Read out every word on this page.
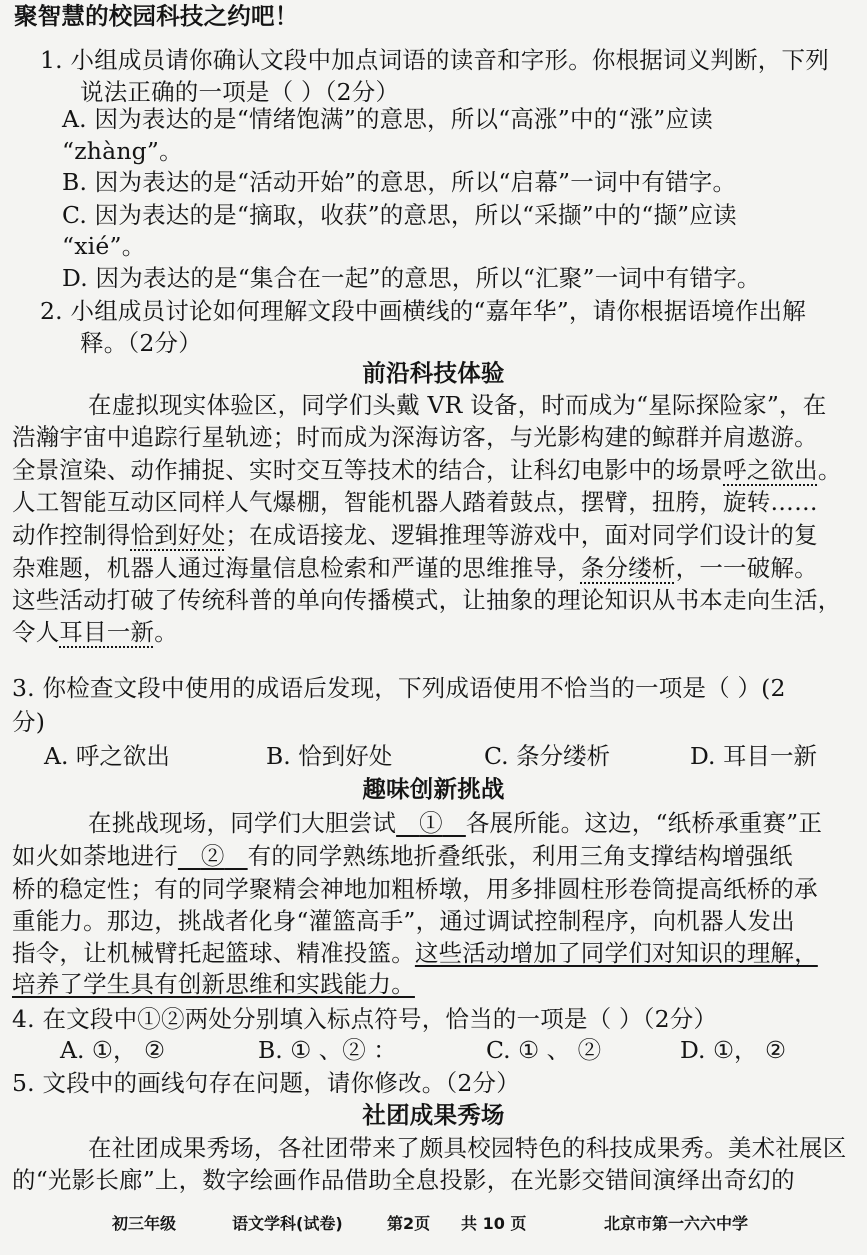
聚智慧的校园科技之约吧！
1. 小组成员请你确认文段中加点词语的读音和字形。你根据词义判断，下列
说法正确的一项是（ ）（2分）
A. 因为表达的是“情绪饱满”的意思，所以“高涨”中的“涨”应读
“zhàng”。
B. 因为表达的是“活动开始”的意思，所以“启幕”一词中有错字。
C. 因为表达的是“摘取，收获”的意思，所以“采撷”中的“撷”应读
“xié”。
D. 因为表达的是“集合在一起”的意思，所以“汇聚”一词中有错字。
2. 小组成员讨论如何理解文段中画横线的“嘉年华”，请你根据语境作出解
释。（2分）
前沿科技体验
在虚拟现实体验区，同学们头戴 VR 设备，时而成为“星际探险家”，在
浩瀚宇宙中追踪行星轨迹；时而成为深海访客，与光影构建的鲸群并肩遨游。
全景渲染、动作捕捉、实时交互等技术的结合，让科幻电影中的场景呼之欲出。
人工智能互动区同样人气爆棚，智能机器人踏着鼓点，摆臂，扭胯，旋转……
动作控制得恰到好处；在成语接龙、逻辑推理等游戏中，面对同学们设计的复
杂难题，机器人通过海量信息检索和严谨的思维推导，条分缕析，一一破解。
这些活动打破了传统科普的单向传播模式，让抽象的理论知识从书本走向生活，
令人耳目一新。
3. 你检查文段中使用的成语后发现，下列成语使用不恰当的一项是（ ）(2
分)
A. 呼之欲出	B. 恰到好处	C. 条分缕析	D. 耳目一新
趣味创新挑战
在挑战现场，同学们大胆尝试 ① 各展所能。这边，“纸桥承重赛”正
如火如荼地进行 ② 有的同学熟练地折叠纸张，利用三角支撑结构增强纸
桥的稳定性；有的同学聚精会神地加粗桥墩，用多排圆柱形卷筒提高纸桥的承
重能力。那边，挑战者化身“灌篮高手”，通过调试控制程序，向机器人发出
指令，让机械臂托起篮球、精准投篮。这些活动增加了同学们对知识的理解，
培养了学生具有创新思维和实践能力。
4. 在文段中①②两处分别填入标点符号，恰当的一项是（ ）（2分）
A. ①， ②	B. ① 、② ：	C. ① 、 ②	D. ①， ②
5. 文段中的画线句存在问题，请你修改。（2分）
社团成果秀场
在社团成果秀场，各社团带来了颇具校园特色的科技成果秀。美术社展区
的“光影长廊”上，数字绘画作品借助全息投影，在光影交错间演绎出奇幻的
初三年级	语文学科(试卷)	第2页 共 10 页	北京市第一六六中学
